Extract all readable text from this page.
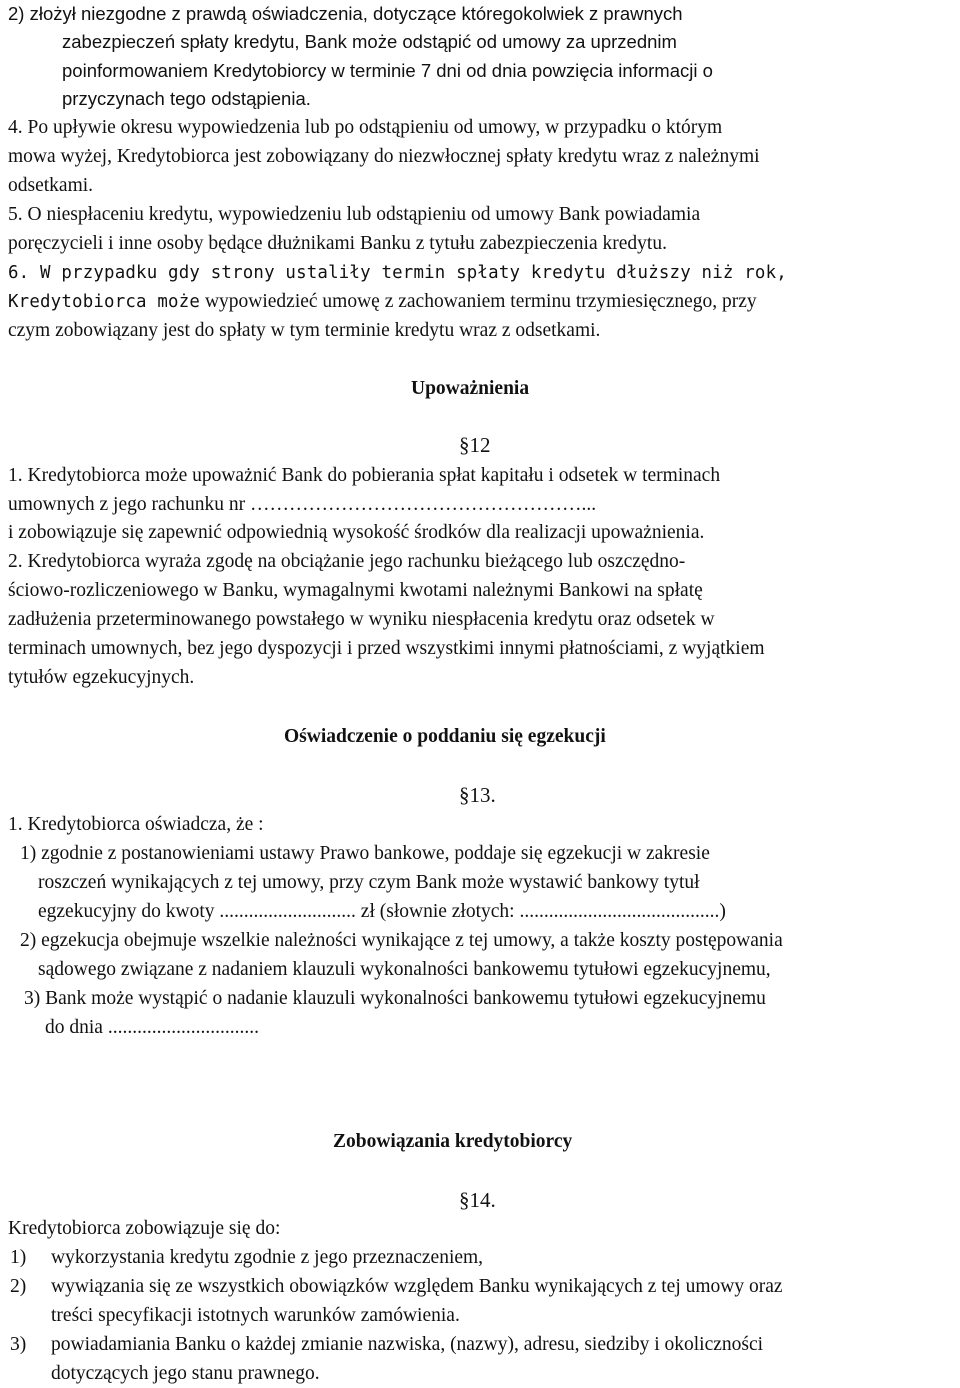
2) złożył niezgodne z prawdą oświadczenia, dotyczące któregokolwiek z prawnych
zabezpieczeń spłaty kredytu, Bank może odstąpić od umowy za uprzednim
poinformowaniem Kredytobiorcy w terminie 7 dni od dnia powzięcia informacji o
przyczynach tego odstąpienia.
4. Po upływie okresu wypowiedzenia lub po odstąpieniu od umowy, w przypadku o którym
mowa wyżej, Kredytobiorca jest zobowiązany do niezwłocznej spłaty kredytu wraz z należnymi
odsetkami.
5. O niespłaceniu kredytu, wypowiedzeniu lub odstąpieniu od umowy Bank powiadamia
poręczycieli i inne osoby będące dłużnikami Banku z tytułu zabezpieczenia kredytu.
6. W przypadku gdy strony ustaliły termin spłaty kredytu dłuższy niż rok,
Kredytobiorca może wypowiedzieć umowę z zachowaniem terminu trzymiesięcznego, przy
czym zobowiązany jest do spłaty w tym terminie kredytu wraz z odsetkami.
Upoważnienia
§12
1. Kredytobiorca może upoważnić Bank do pobierania spłat kapitału i odsetek w terminach
umownych z jego rachunku nr ……………………………………………...
i zobowiązuje się zapewnić odpowiednią wysokość środków dla realizacji upoważnienia.
2. Kredytobiorca wyraża zgodę na obciążanie jego rachunku bieżącego lub oszczędno-
ściowo-rozliczeniowego w Banku, wymagalnymi kwotami należnymi Bankowi na spłatę
zadłużenia przeterminowanego powstałego w wyniku niespłacenia kredytu oraz odsetek w
terminach umownych, bez jego dyspozycji i przed wszystkimi innymi płatnościami, z wyjątkiem
tytułów egzekucyjnych.
Oświadczenie o poddaniu się egzekucji
§13.
1. Kredytobiorca oświadcza, że :
1) zgodnie z postanowieniami ustawy Prawo bankowe, poddaje się egzekucji w zakresie
roszczeń wynikających z tej umowy, przy czym Bank może wystawić bankowy tytuł
egzekucyjny do kwoty ............................ zł (słownie złotych: .........................................)
2) egzekucja obejmuje wszelkie należności wynikające z tej umowy, a także koszty postępowania
sądowego związane z nadaniem klauzuli wykonalności bankowemu tytułowi egzekucyjnemu,
3) Bank może wystąpić o nadanie klauzuli wykonalności bankowemu tytułowi egzekucyjnemu
do dnia ...............................
Zobowiązania kredytobiorcy
§14.
Kredytobiorca zobowiązuje się do:
1) wykorzystania kredytu zgodnie z jego przeznaczeniem,
2) wywiązania się ze wszystkich obowiązków względem Banku wynikających z tej umowy oraz
treści specyfikacji istotnych warunków zamówienia.
3) powiadamiania Banku o każdej zmianie nazwiska, (nazwy), adresu, siedziby i okoliczności
dotyczących jego stanu prawnego.
